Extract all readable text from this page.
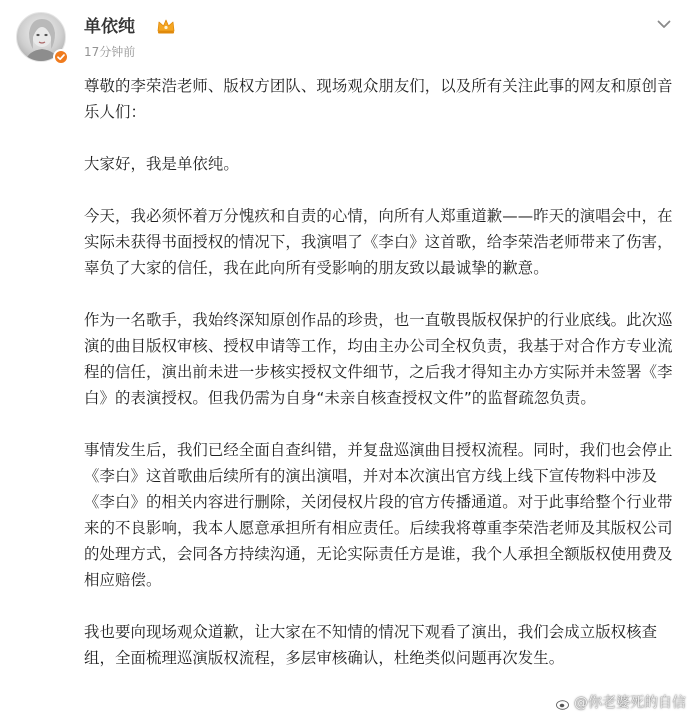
单依纯
17分钟前

尊敬的李荣浩老师、版权方团队、现场观众朋友们，以及所有关注此事的网友和原创音乐人们：

大家好，我是单依纯。

今天，我必须怀着万分愧疚和自责的心情，向所有人郑重道歉——昨天的演唱会中，在实际未获得书面授权的情况下，我演唱了《李白》这首歌，给李荣浩老师带来了伤害，辜负了大家的信任，我在此向所有受影响的朋友致以最诚挚的歉意。

作为一名歌手，我始终深知原创作品的珍贵，也一直敬畏版权保护的行业底线。此次巡演的曲目版权审核、授权申请等工作，均由主办公司全权负责，我基于对合作方专业流程的信任，演出前未进一步核实授权文件细节，之后我才得知主办方实际并未签署《李白》的表演授权。但我仍需为自身“未亲自核查授权文件”的监督疏忽负责。

事情发生后，我们已经全面自查纠错，并复盘巡演曲目授权流程。同时，我们也会停止《李白》这首歌曲后续所有的演出演唱，并对本次演出官方线上线下宣传物料中涉及《李白》的相关内容进行删除，关闭侵权片段的官方传播通道。对于此事给整个行业带来的不良影响，我本人愿意承担所有相应责任。后续我将尊重李荣浩老师及其版权公司的处理方式，会同各方持续沟通，无论实际责任方是谁，我个人承担全额版权使用费及相应赔偿。

我也要向现场观众道歉，让大家在不知情的情况下观看了演出，我们会成立版权核查组，全面梳理巡演版权流程，多层审核确认，杜绝类似问题再次发生。

@你老婆死的自信
